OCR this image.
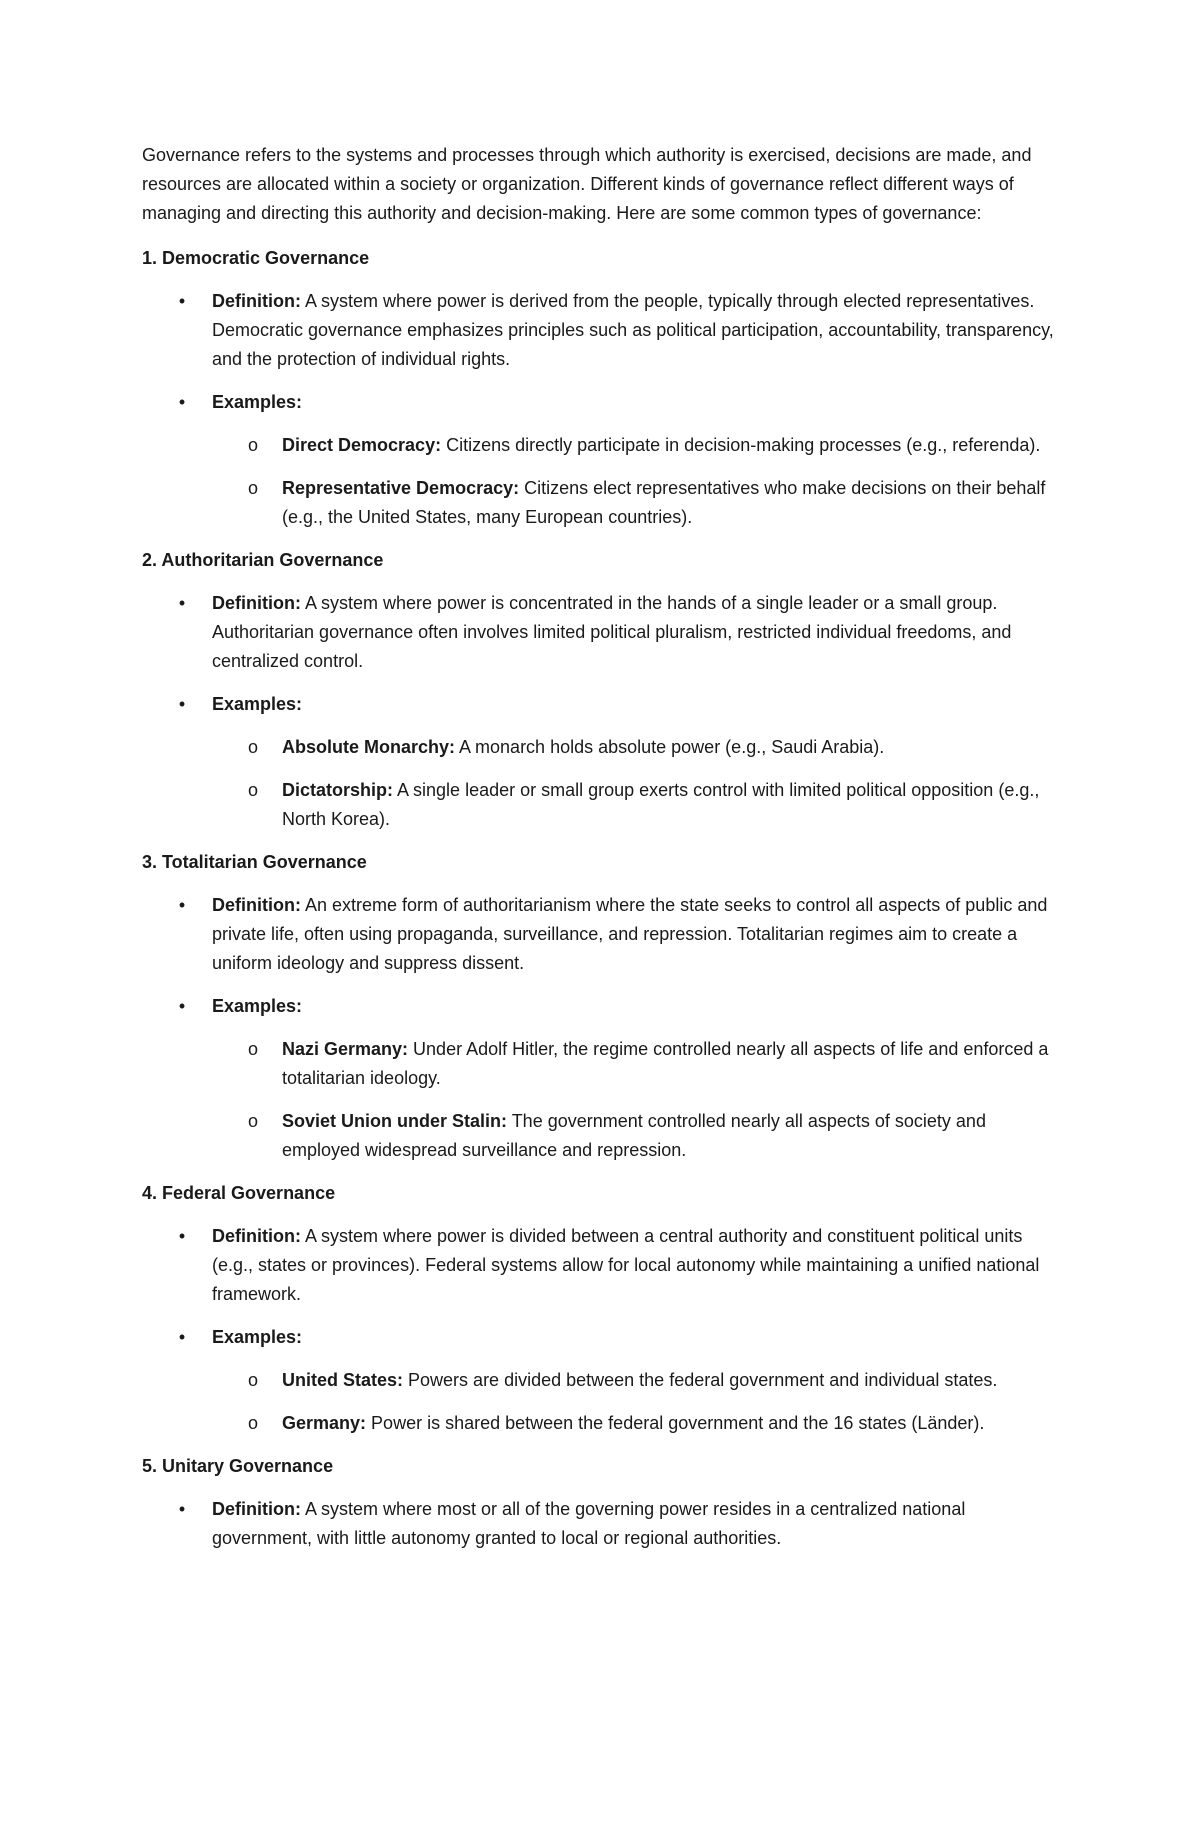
Governance refers to the systems and processes through which authority is exercised, decisions are made, and resources are allocated within a society or organization. Different kinds of governance reflect different ways of managing and directing this authority and decision-making. Here are some common types of governance:

1. Democratic Governance

• Definition: A system where power is derived from the people, typically through elected representatives. Democratic governance emphasizes principles such as political participation, accountability, transparency, and the protection of individual rights.
• Examples:
o Direct Democracy: Citizens directly participate in decision-making processes (e.g., referenda).
o Representative Democracy: Citizens elect representatives who make decisions on their behalf (e.g., the United States, many European countries).

2. Authoritarian Governance

• Definition: A system where power is concentrated in the hands of a single leader or a small group. Authoritarian governance often involves limited political pluralism, restricted individual freedoms, and centralized control.
• Examples:
o Absolute Monarchy: A monarch holds absolute power (e.g., Saudi Arabia).
o Dictatorship: A single leader or small group exerts control with limited political opposition (e.g., North Korea).

3. Totalitarian Governance

• Definition: An extreme form of authoritarianism where the state seeks to control all aspects of public and private life, often using propaganda, surveillance, and repression. Totalitarian regimes aim to create a uniform ideology and suppress dissent.
• Examples:
o Nazi Germany: Under Adolf Hitler, the regime controlled nearly all aspects of life and enforced a totalitarian ideology.
o Soviet Union under Stalin: The government controlled nearly all aspects of society and employed widespread surveillance and repression.

4. Federal Governance

• Definition: A system where power is divided between a central authority and constituent political units (e.g., states or provinces). Federal systems allow for local autonomy while maintaining a unified national framework.
• Examples:
o United States: Powers are divided between the federal government and individual states.
o Germany: Power is shared between the federal government and the 16 states (Länder).

5. Unitary Governance

• Definition: A system where most or all of the governing power resides in a centralized national government, with little autonomy granted to local or regional authorities.
